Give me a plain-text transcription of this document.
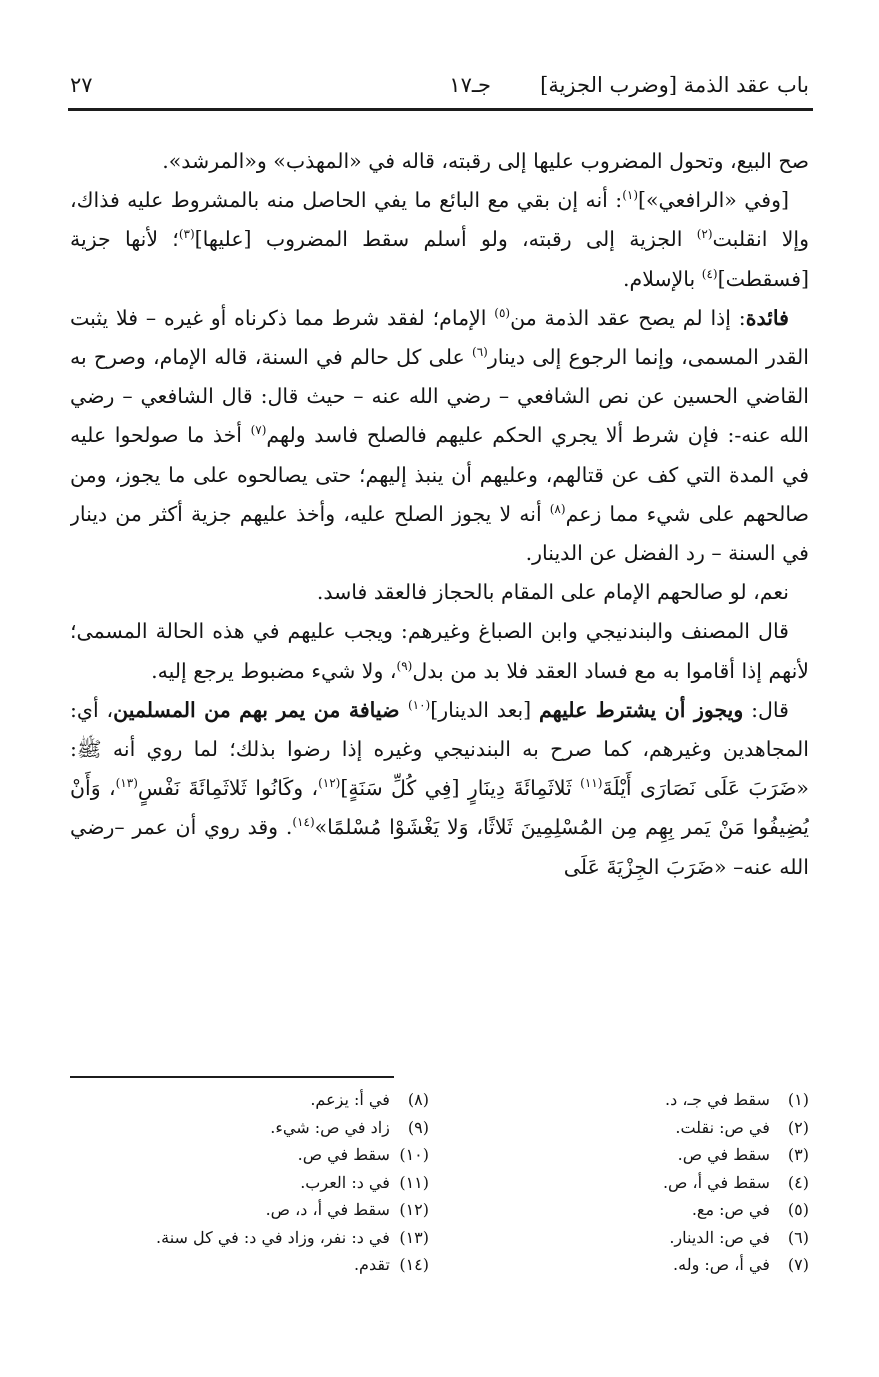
باب عقد الذمة [وضرب الجزية]
جـ١٧
٢٧

صح البيع، وتحول المضروب عليها إلى رقبته، قاله في «المهذب» و«المرشد».

[وفي «الرافعي»]$^{(١)}$: أنه إن بقي مع البائع ما يفي الحاصل منه بالمشروط عليه فذاك، وإلا انقلبت$^{(٢)}$ الجزية إلى رقبته، ولو أسلم سقط المضروب [عليها]$^{(٣)}$؛ لأنها جزية [فسقطت]$^{(٤)}$ بالإسلام.

فائدة: إذا لم يصح عقد الذمة من$^{(٥)}$ الإمام؛ لفقد شرط مما ذكرناه أو غيره – فلا يثبت القدر المسمى، وإنما الرجوع إلى دينار$^{(٦)}$ على كل حالم في السنة، قاله الإمام، وصرح به القاضي الحسين عن نص الشافعي – رضي الله عنه – حيث قال: قال الشافعي – رضي الله عنه-: فإن شرط ألا يجري الحكم عليهم فالصلح فاسد ولهم$^{(٧)}$ أخذ ما صولحوا عليه في المدة التي كف عن قتالهم، وعليهم أن ينبذ إليهم؛ حتى يصالحوه على ما يجوز، ومن صالحهم على شيء مما زعم$^{(٨)}$ أنه لا يجوز الصلح عليه، وأخذ عليهم جزية أكثر من دينار في السنة – رد الفضل عن الدينار.

نعم، لو صالحهم الإمام على المقام بالحجاز فالعقد فاسد.

قال المصنف والبندنيجي وابن الصباغ وغيرهم: ويجب عليهم في هذه الحالة المسمى؛ لأنهم إذا أقاموا به مع فساد العقد فلا بد من بدل$^{(٩)}$، ولا شيء مضبوط يرجع إليه.

قال: ويجوز أن يشترط عليهم [بعد الدينار]$^{(١٠)}$ ضيافة من يمر بهم من المسلمين، أي: المجاهدين وغيرهم، كما صرح به البندنيجي وغيره إذا رضوا بذلك؛ لما روي أنه ﷺ: «ضَرَبَ عَلَى نَصَارَى أَيْلَةَ$^{(١١)}$ ثَلاثَمِائَةَ دِينَارٍ [فِي كُلِّ سَنَةٍ]$^{(١٢)}$، وكَانُوا ثَلاثَمِائَةَ نَفْسٍ$^{(١٣)}$، وَأَنْ يُضِيفُوا مَنْ يَمر بِهِم مِن المُسْلِمِينَ ثَلاثًا، وَلا يَغْشَوْا مُسْلمًا»$^{(١٤)}$. وقد روي أن عمر –رضي الله عنه– «ضَرَبَ الجِزْيَةَ عَلَى

(١) سقط في جـ، د.
(٢) في ص: نقلت.
(٣) سقط في ص.
(٤) سقط في أ، ص.
(٥) في ص: مع.
(٦) في ص: الدينار.
(٧) في أ، ص: وله.
(٨) في أ: يزعم.
(٩) زاد في ص: شيء.
(١٠) سقط في ص.
(١١) في د: العرب.
(١٢) سقط في أ، د، ص.
(١٣) في د: نفر، وزاد في د: في كل سنة.
(١٤) تقدم.
